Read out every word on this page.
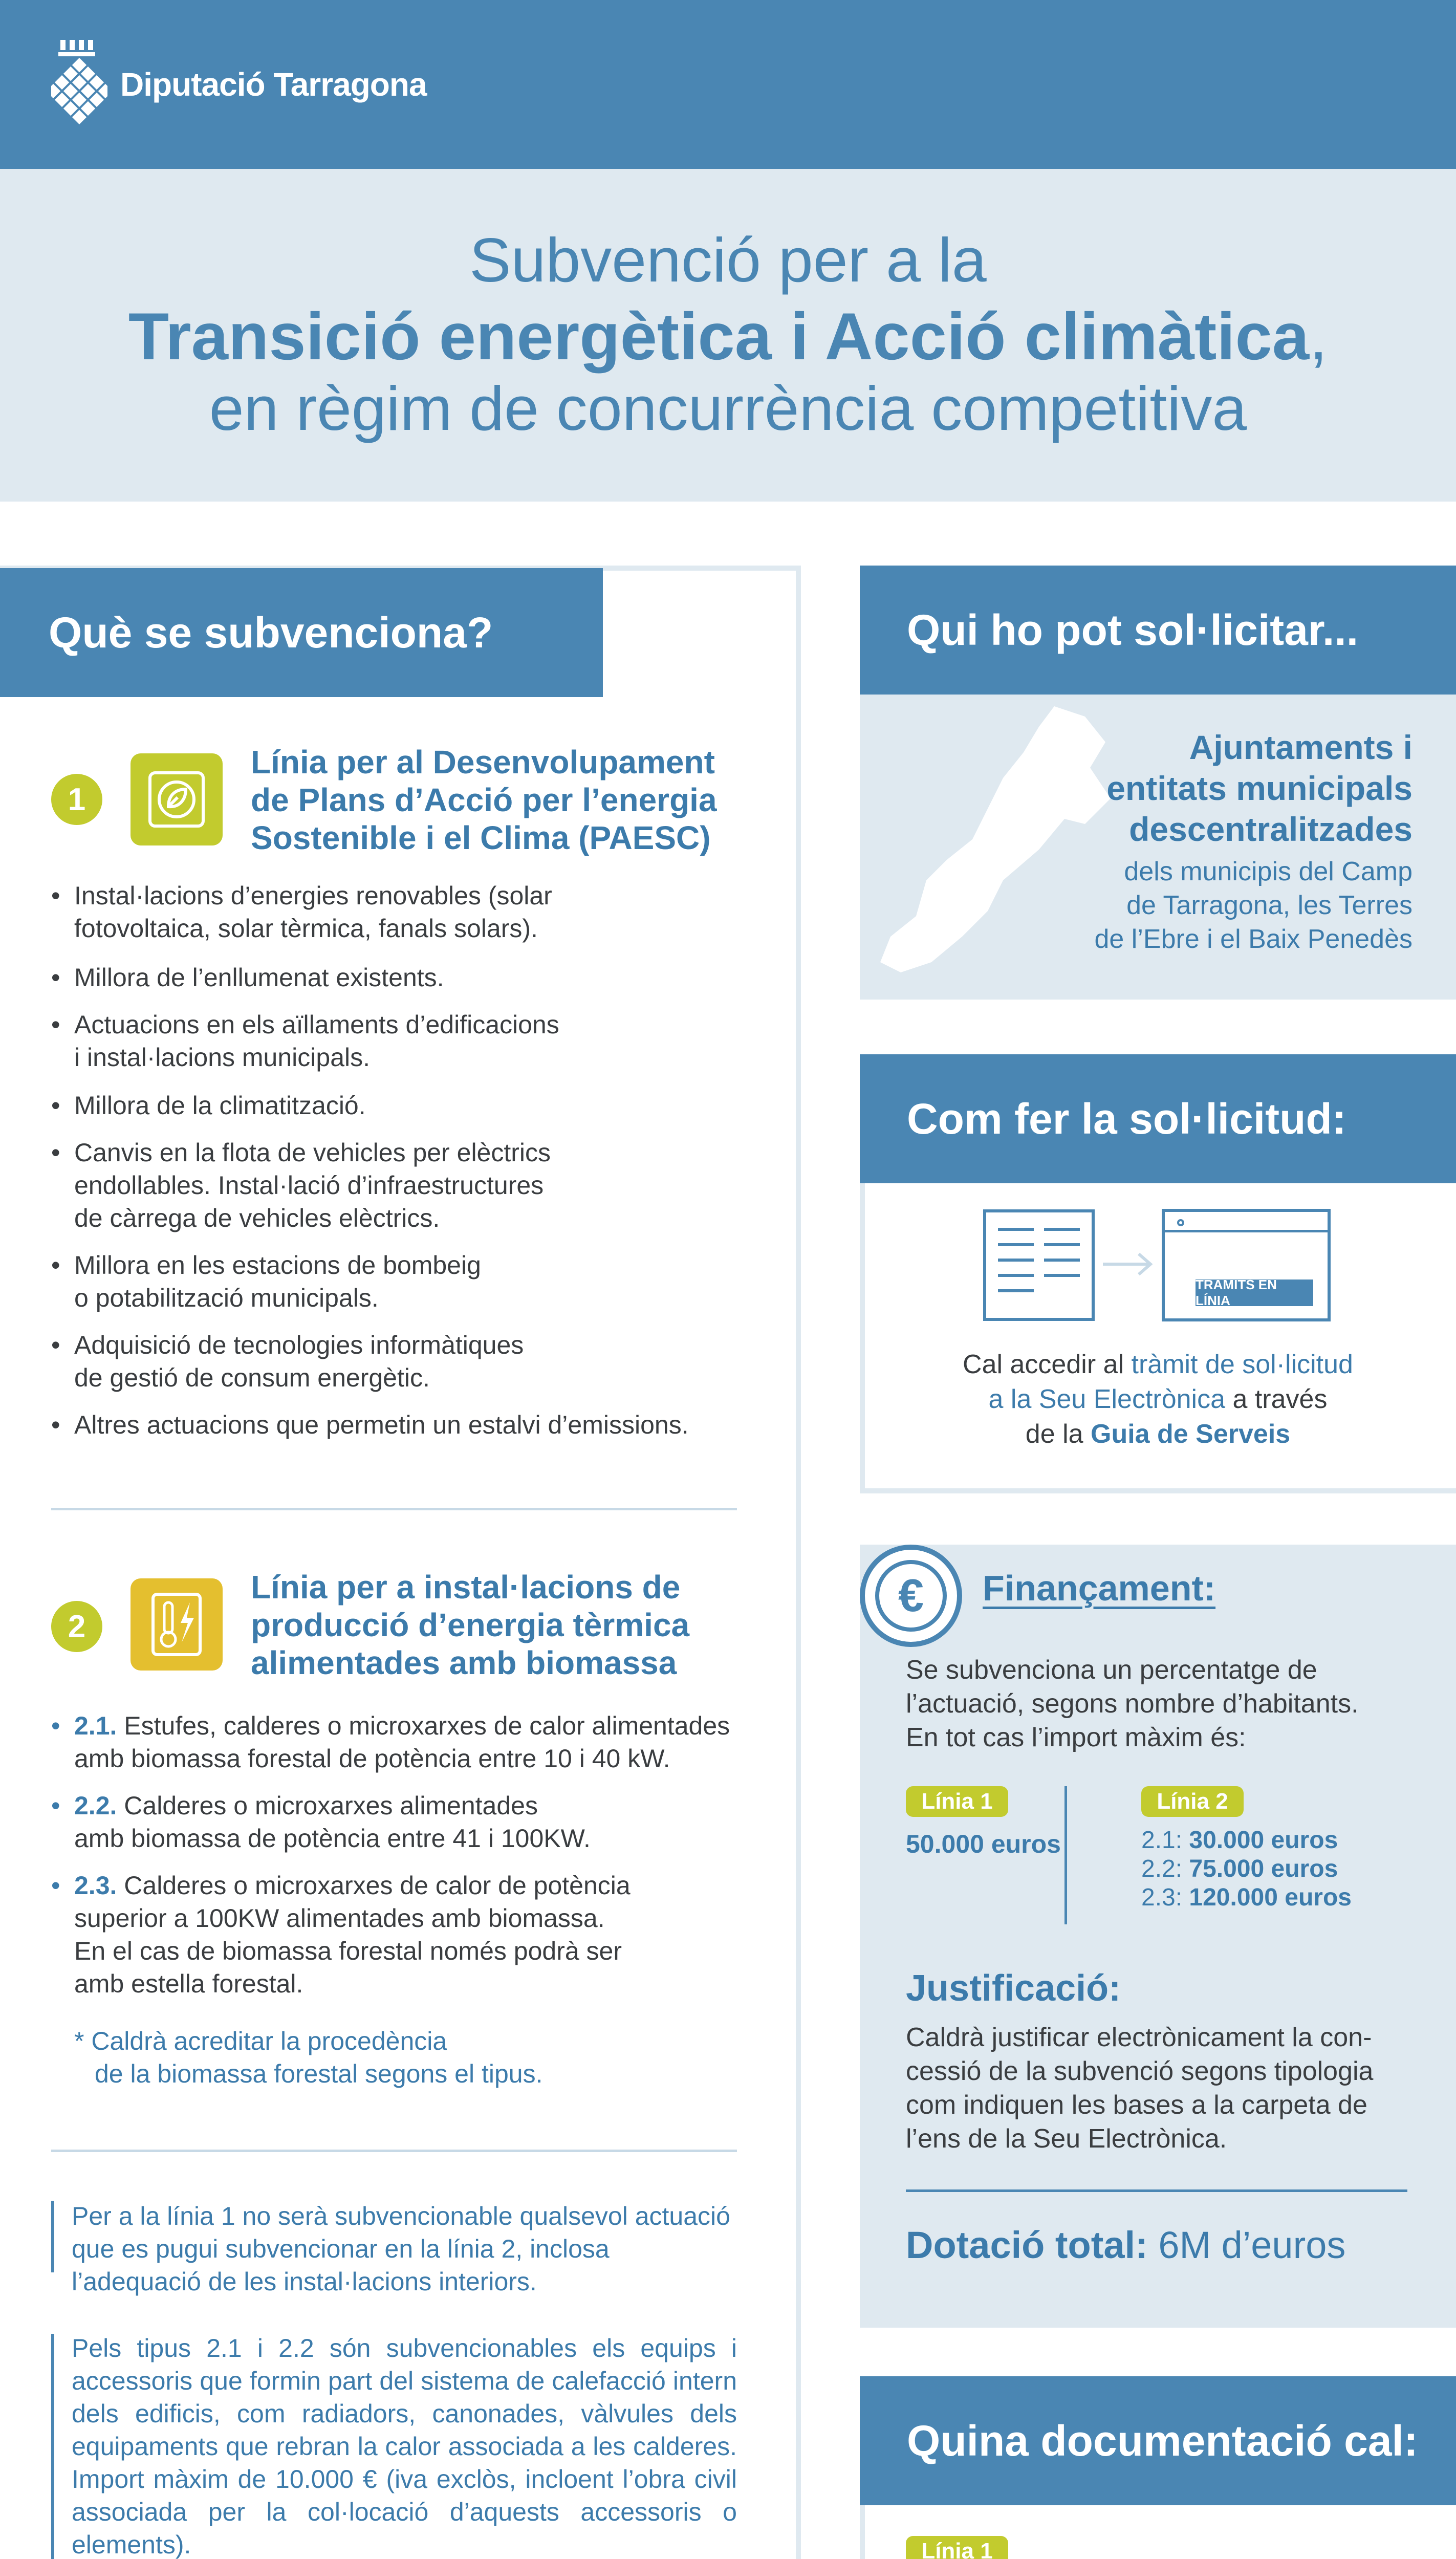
Diputació Tarragona
Subvenció per a la
Transició energètica i Acció climàtica,
en règim de concurrència competitiva
Què se subvenciona?
1
Línia per al Desenvolupament
de Plans d’Acció per l’energia
Sostenible i el Clima (PAESC)
• Instal·lacions d’energies renovables (solar
fotovoltaica, solar tèrmica, fanals solars).
• Millora de l’enllumenat existents.
• Actuacions en els aïllaments d’edificacions
i instal·lacions municipals.
• Millora de la climatització.
• Canvis en la flota de vehicles per elèctrics
endollables. Instal·lació d’infraestructures
de càrrega de vehicles elèctrics.
• Millora en les estacions de bombeig
o potabilització municipals.
• Adquisició de tecnologies informàtiques
de gestió de consum energètic.
• Altres actuacions que permetin un estalvi d’emissions.
2
Línia per a instal·lacions de
producció d’energia tèrmica
alimentades amb biomassa
• 2.1. Estufes, calderes o microxarxes de calor alimentades
amb biomassa forestal de potència entre 10 i 40 kW.
• 2.2. Calderes o microxarxes alimentades
amb biomassa de potència entre 41 i 100KW.
• 2.3. Calderes o microxarxes de calor de potència
superior a 100KW alimentades amb biomassa.
En el cas de biomassa forestal només podrà ser
amb estella forestal.
* Caldrà acreditar la procedència
de la biomassa forestal segons el tipus.
Per a la línia 1 no serà subvencionable qualsevol actuació que es pugui subvencionar en la línia 2, inclosa l’adequació de les instal·lacions interiors.
Pels tipus 2.1 i 2.2 són subvencionables els equips i accessoris que formin part del sistema de calefacció intern dels edificis, com radiadors, canonades, vàlvules dels equipaments que rebran la calor associada a les calderes. Import màxim de 10.000 € (iva exclòs, incloent l’obra civil associada per la col·locació d’aquests accessoris o elements).
Qui ho pot sol·licitar...
Ajuntaments i
entitats municipals
descentralitzades
dels municipis del Camp
de Tarragona, les Terres
de l’Ebre i el Baix Penedès
Com fer la sol·licitud:
TRÀMITS EN LÍNIA
Cal accedir al tràmit de sol·licitud
a la Seu Electrònica a través
de la Guia de Serveis
€	Finançament:
Se subvenciona un percentatge de
l’actuació, segons nombre d’habitants.
En tot cas l’import màxim és:
Línia 1
50.000 euros
Línia 2
2.1: 30.000 euros
2.2: 75.000 euros
2.3: 120.000 euros
Justificació:
Caldrà justificar electrònicament la con-
cessió de la subvenció segons tipologia
com indiquen les bases a la carpeta de
l’ens de la Seu Electrònica.
Dotació total: 6M d’euros
Quina documentació cal:
Línia 1
